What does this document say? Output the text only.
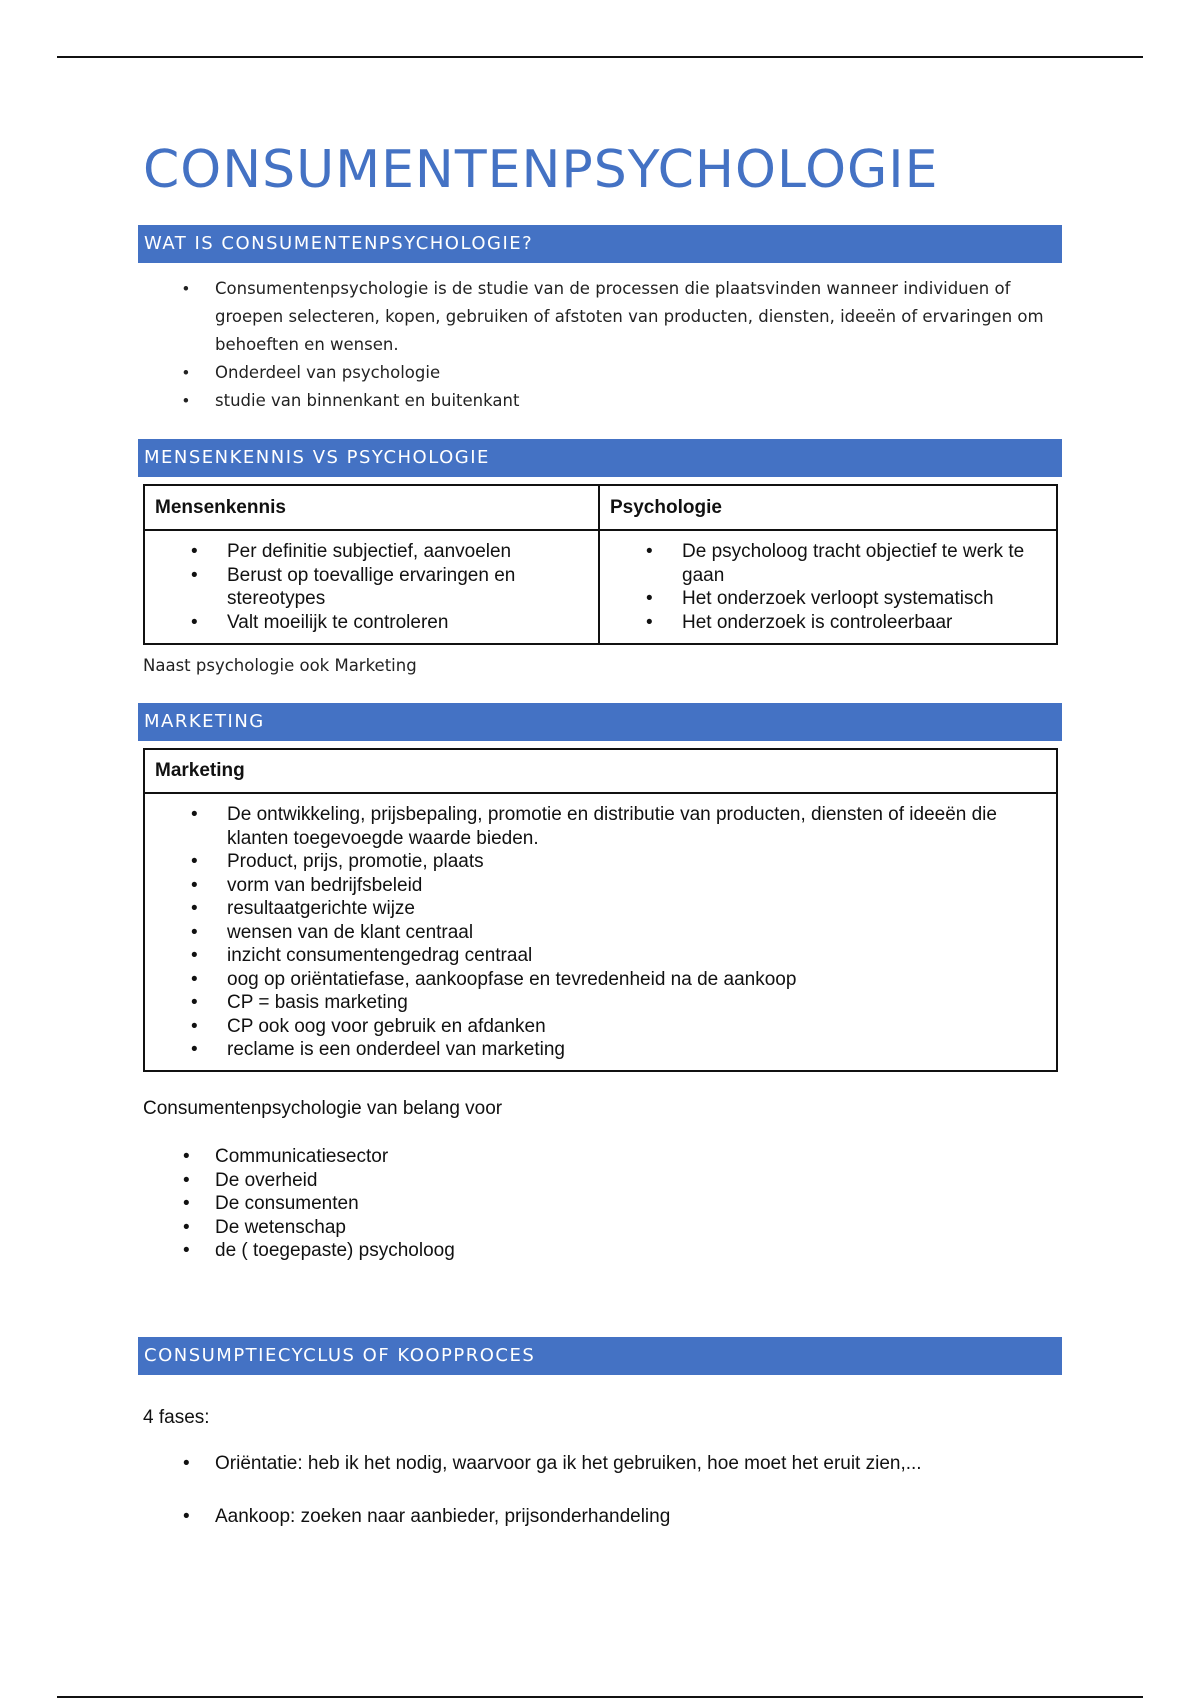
CONSUMENTENPSYCHOLOGIE
WAT IS CONSUMENTENPSYCHOLOGIE?
• Consumentenpsychologie is de studie van de processen die plaatsvinden wanneer individuen of groepen selecteren, kopen, gebruiken of afstoten van producten, diensten, ideeën of ervaringen om behoeften en wensen.
• Onderdeel van psychologie
• studie van binnenkant en buitenkant
MENSENKENNIS VS PSYCHOLOGIE
Mensenkennis	Psychologie
• Per definitie subjectief, aanvoelen
• Berust op toevallige ervaringen en stereotypes
• Valt moeilijk te controleren
• De psycholoog tracht objectief te werk te gaan
• Het onderzoek verloopt systematisch
• Het onderzoek is controleerbaar

Naast psychologie ook Marketing

MARKETING
Marketing
• De ontwikkeling, prijsbepaling, promotie en distributie van producten, diensten of ideeën die klanten toegevoegde waarde bieden.
• Product, prijs, promotie, plaats
• vorm van bedrijfsbeleid
• resultaatgerichte wijze
• wensen van de klant centraal
• inzicht consumentengedrag centraal
• oog op oriëntatiefase, aankoopfase en tevredenheid na de aankoop
• CP = basis marketing
• CP ook oog voor gebruik en afdanken
• reclame is een onderdeel van marketing

Consumentenpsychologie van belang voor

• Communicatiesector
• De overheid
• De consumenten
• De wetenschap
• de ( toegepaste) psycholoog
CONSUMPTIECYCLUS OF KOOPPROCES

4 fases:

• Oriëntatie: heb ik het nodig, waarvoor ga ik het gebruiken, hoe moet het eruit zien,...
• Aankoop: zoeken naar aanbieder, prijsonderhandeling
